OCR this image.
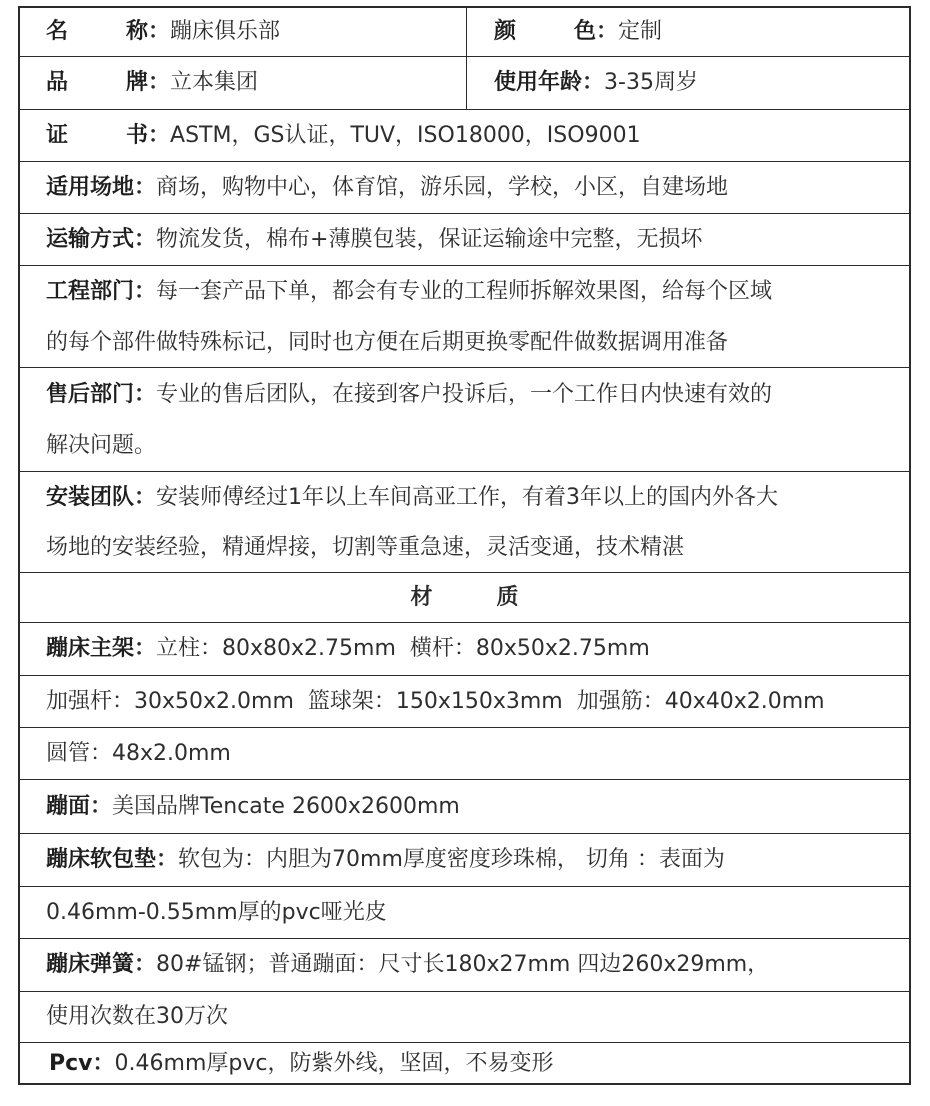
名	称 ： 蹦床俱乐部	颜	色 ： 定制
品	牌 ： 立本集团	使用年龄 ： 3-35周岁
证	书 ： ASTM，GS认证，TUV，ISO18000，ISO9001
适用场地 ： 商场，购物中心，体育馆，游乐园，学校，小区，自建场地
运输方式 ： 物流发货，棉布+薄膜包装，保证运输途中完整，无损坏
工程部门 ： 每一套产品下单，都会有专业的工程师拆解效果图，给每个区域
的每个部件做特殊标记，同时也方便在后期更换零配件做数据调用准备
售后部门 ： 专业的售后团队，在接到客户投诉后，一个工作日内快速有效的
解决问题。
安装团队 ： 安装师傅经过1年以上车间高亚工作，有着3年以上的国内外各大
场地的安装经验，精通焊接，切割等重急速，灵活变通，技术精湛
材	质
蹦床主架 ： 立柱：80x80x2.75mm  横杆：80x50x2.75mm
加强杆：30x50x2.0mm  篮球架：150x150x3mm  加强筋：40x40x2.0mm
圆管：48x2.0mm
蹦面 ： 美国品牌Tencate 2600x2600mm
蹦床软包垫 ： 软包为：内胆为70mm厚度密度珍珠棉， 切角 ：表面为
0.46mm-0.55mm厚的pvc哑光皮
蹦床弹簧 ： 80#锰钢；普通蹦面：尺寸长180x27mm 四边260x29mm，
使用次数在30万次
Pcv ： 0.46mm厚pvc，防紫外线，坚固，不易变形
